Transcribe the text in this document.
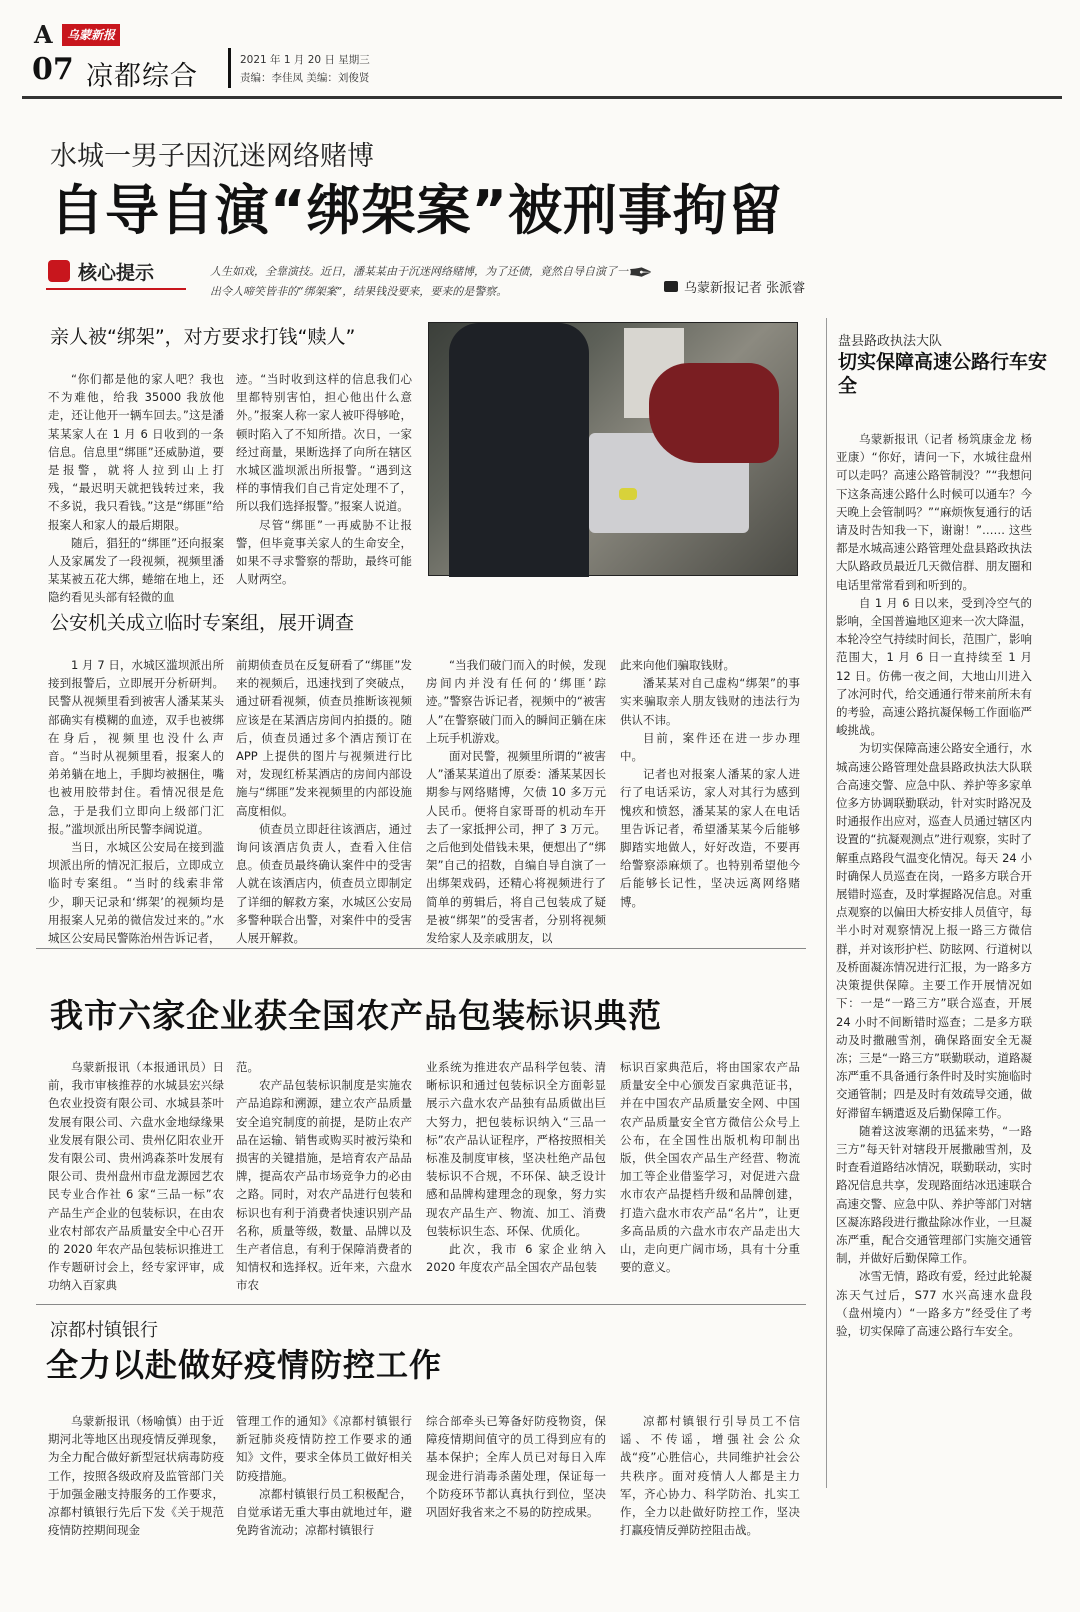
A	乌蒙新报
07 凉都综合
2021 年 1 月 20 日 星期三
责编：李佳凤 美编：刘俊贤
水城一男子因沉迷网络赌博
自导自演“绑架案”被刑事拘留
核心提示	人生如戏，全靠演技。近日，潘某某由于沉迷网络赌博，为了还债，竟然自导自演了一出令人啼笑皆非的“绑架案”，结果钱没要来，要来的是警察。
✒ 乌蒙新报记者 张派睿
亲人被“绑架”，对方要求打钱“赎人”

“你们都是他的家人吧？我也不为难他，给我 35000 我放他走，还让他开一辆车回去。”这是潘某某家人在 1 月 6 日收到的一条信息。信息里“绑匪”还威胁道，要是报警，就将人拉到山上打残，“最迟明天就把钱转过来，我不多说，我只看钱。”这是“绑匪”给报案人和家人的最后期限。

随后，猖狂的“绑匪”还向报案人及家属发了一段视频，视频里潘某某被五花大绑，蜷缩在地上，还隐约看见头部有轻微的血

迹。“当时收到这样的信息我们心里都特别害怕，担心他出什么意外。”报案人称一家人被吓得够呛，顿时陷入了不知所措。次日，一家经过商量，果断选择了向所在辖区水城区滥坝派出所报警。“遇到这样的事情我们自己肯定处理不了，所以我们选择报警。”报案人说道。

尽管“绑匪”一再威胁不让报警，但毕竟事关家人的生命安全，如果不寻求警察的帮助，最终可能人财两空。

公安机关成立临时专案组，展开调查

1 月 7 日，水城区滥坝派出所接到报警后，立即展开分析研判。民警从视频里看到被害人潘某某头部确实有模糊的血迹，双手也被绑在身后，视频里也没什么声音。“当时从视频里看，报案人的弟弟躺在地上，手脚均被捆住，嘴也被用胶带封住。看情况很是危急，于是我们立即向上级部门汇报。”滥坝派出所民警李阔说道。

当日，水城区公安局在接到滥坝派出所的情况汇报后，立即成立临时专案组。“当时的线索非常少，聊天记录和‘绑架’的视频均是用报案人兄弟的微信发过来的。”水城区公安局民警陈治州告诉记者，

前期侦查员在反复研看了“绑匪”发来的视频后，迅速找到了突破点，通过研看视频，侦查员推断该视频应该是在某酒店房间内拍摄的。随后，侦查员通过多个酒店预订在 APP 上提供的图片与视频进行比对，发现红桥某酒店的房间内部设施与“绑匪”发来视频里的内部设施高度相似。

侦查员立即赶往该酒店，通过询问该酒店负责人，查看入住信息。侦查员最终确认案件中的受害人就在该酒店内，侦查员立即制定了详细的解救方案，水城区公安局多警种联合出警，对案件中的受害人展开解救。

“当我们破门而入的时候，发现房间内并没有任何的‘绑匪’踪迹。”警察告诉记者，视频中的“被害人”在警察破门而入的瞬间正躺在床上玩手机游戏。

面对民警，视频里所谓的“被害人”潘某某道出了原委：潘某某因长期参与网络赌博，欠债 10 多万元人民币。便将自家哥哥的机动车开去了一家抵押公司，押了 3 万元。之后他到处借钱未果，便想出了“绑架”自己的招数，自编自导自演了一出绑架戏码，还精心将视频进行了简单的剪辑后，将自己包装成了疑是被“绑架”的受害者，分别将视频发给家人及亲戚朋友，以

此来向他们骗取钱财。

潘某某对自己虚构“绑架”的事实来骗取亲人朋友钱财的违法行为供认不讳。

目前，案件还在进一步办理中。

记者也对报案人潘某的家人进行了电话采访，家人对其行为感到愧疚和愤怒，潘某某的家人在电话里告诉记者，希望潘某某今后能够脚踏实地做人，好好改造，不要再给警察添麻烦了。也特别希望他今后能够长记性，坚决远离网络赌博。

盘县路政执法大队
切实保障高速公路行车安全

乌蒙新报讯（记者 杨筑康金龙 杨亚康）“你好，请问一下，水城往盘州可以走吗？高速公路管制没？”“我想问下这条高速公路什么时候可以通车？今天晚上会管制吗？”“麻烦恢复通行的话请及时告知我一下，谢谢！”…… 这些都是水城高速公路管理处盘县路政执法大队路政员最近几天微信群、朋友圈和电话里常常看到和听到的。

自 1 月 6 日以来，受到冷空气的影响，全国普遍地区迎来一次大降温，本轮冷空气持续时间长，范围广，影响范围大，1 月 6 日一直持续至 1 月 12 日。仿佛一夜之间，大地山川进入了冰河时代，给交通通行带来前所未有的考验，高速公路抗凝保畅工作面临严峻挑战。

为切实保障高速公路安全通行，水城高速公路管理处盘县路政执法大队联合高速交警、应急中队、养护等多家单位多方协调联勤联动，针对实时路况及时通报作出应对，巡查人员通过辖区内设置的“抗凝观测点”进行观察，实时了解重点路段气温变化情况。每天 24 小时确保人员巡查在岗，一路多方联合开展错时巡查，及时掌握路况信息。对重点观察的以偏田大桥安排人员值守，每半小时对观察情况上报一路三方微信群，并对该形护栏、防眩网、行道树以及桥面凝冻情况进行汇报，为一路多方决策提供保障。主要工作开展情况如下：一是“一路三方”联合巡查，开展 24 小时不间断错时巡查；二是多方联动及时撒融雪剂，确保路面安全无凝冻；三是“一路三方”联勤联动，道路凝冻严重不具备通行条件时及时实施临时交通管制；四是及时有效疏导交通，做好滞留车辆遣返及后勤保障工作。

随着这波寒潮的迅猛来势，“一路三方”每天针对辖段开展撒融雪剂，及时查看道路结冰情况，联勤联动，实时路况信息共享，发现路面结冰迅速联合高速交警、应急中队、养护等部门对辖区凝冻路段进行撒盐除冰作业，一旦凝冻严重，配合交通管理部门实施交通管制，并做好后勤保障工作。

冰雪无情，路政有爱，经过此轮凝冻天气过后，S77 水兴高速水盘段（盘州境内）“一路多方”经受住了考验，切实保障了高速公路行车安全。

我市六家企业获全国农产品包装标识典范

乌蒙新报讯（本报通讯员）日前，我市审核推荐的水城县宏兴绿色农业投资有限公司、水城县茶叶发展有限公司、六盘水金地绿缘果业发展有限公司、贵州亿阳农业开发有限公司、贵州鸿森茶叶发展有限公司、贵州盘州市盘龙源园艺农民专业合作社 6 家“三品一标”农产品生产企业的包装标识，在由农业农村部农产品质量安全中心召开的 2020 年农产品包装标识推进工作专题研讨会上，经专家评审，成功纳入百家典

范。

农产品包装标识制度是实施农产品追踪和溯源，建立农产品质量安全追究制度的前提，是防止农产品在运输、销售或购买时被污染和损害的关键措施，是培育农产品品牌，提高农产品市场竞争力的必由之路。同时，对农产品进行包装和标识也有利于消费者快速识别产品名称，质量等级，数量、品牌以及生产者信息，有利于保障消费者的知情权和选择权。近年来，六盘水市农

业系统为推进农产品科学包装、清晰标识和通过包装标识全方面彰显展示六盘水农产品独有品质做出巨大努力，把包装标识纳入“三品一标”农产品认证程序，严格按照相关标准及制度审核，坚决杜绝产品包装标识不合规，不环保、缺乏设计感和品牌构建理念的现象，努力实现农产品生产、物流、加工、消费包装标识生态、环保、优质化。

此次，我市 6 家企业纳入 2020 年度农产品全国农产品包装

标识百家典范后，将由国家农产品质量安全中心颁发百家典范证书，并在中国农产品质量安全网、中国农产品质量安全官方微信公众号上公布，在全国性出版机构印制出版，供全国农产品生产经营、物流加工等企业借鉴学习，对促进六盘水市农产品提档升级和品牌创建，打造六盘水市农产品“名片”，让更多高品质的六盘水市农产品走出大山，走向更广阔市场，具有十分重要的意义。

凉都村镇银行
全力以赴做好疫情防控工作

乌蒙新报讯（杨喻慎）由于近期河北等地区出现疫情反弹现象，为全力配合做好新型冠状病毒防疫工作，按照各级政府及监管部门关于加强金融支持服务的工作要求，凉都村镇银行先后下发《关于规范疫情防控期间现金

管理工作的通知》《凉都村镇银行新冠肺炎疫情防控工作要求的通知》文件，要求全体员工做好相关防疫措施。

凉都村镇银行员工积极配合，自觉承诺无重大事由就地过年，避免跨省流动；凉都村镇银行

综合部牵头已筹备好防疫物资，保障疫情期间值守的员工得到应有的基本保护；全库人员已对每日入库现金进行消毒杀菌处理，保证每一个防疫环节都认真执行到位，坚决巩固好我省来之不易的防控成果。

凉都村镇银行引导员工不信谣、不传谣，增强社会公众战“疫”心胜信心，共同维护社会公共秩序。面对疫情人人都是主力军，齐心协力、科学防治、扎实工作，全力以赴做好防控工作，坚决打赢疫情反弹防控阻击战。
